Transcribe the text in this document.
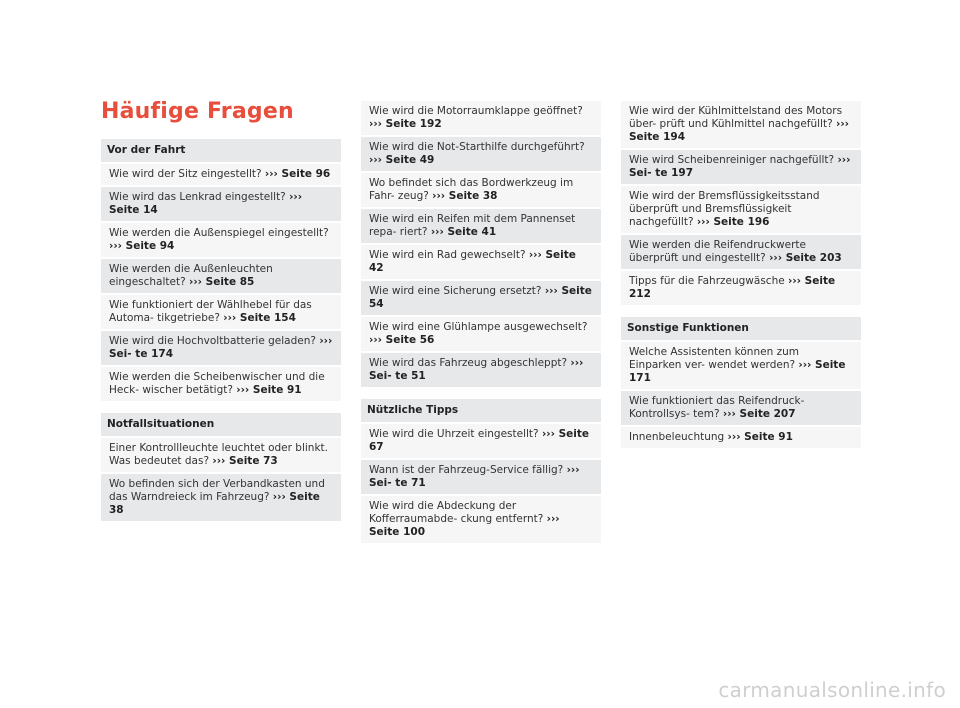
Häufige Fragen
Vor der Fahrt
Wie wird der Sitz eingestellt? ››› Seite 96
Wie wird das Lenkrad eingestellt? ››› Seite 14
Wie werden die Außenspiegel eingestellt? ››› Seite 94
Wie werden die Außenleuchten eingeschaltet? ››› Seite 85
Wie funktioniert der Wählhebel für das Automa- tikgetriebe? ››› Seite 154
Wie wird die Hochvoltbatterie geladen? ››› Sei- te 174
Wie werden die Scheibenwischer und die Heck- wischer betätigt? ››› Seite 91
Notfallsituationen
Einer Kontrollleuchte leuchtet oder blinkt. Was bedeutet das? ››› Seite 73
Wo befinden sich der Verbandkasten und das Warndreieck im Fahrzeug? ››› Seite 38
Wie wird die Motorraumklappe geöffnet? ››› Seite 192
Wie wird die Not-Starthilfe durchgeführt? ››› Seite 49
Wo befindet sich das Bordwerkzeug im Fahr- zeug? ››› Seite 38
Wie wird ein Reifen mit dem Pannenset repa- riert? ››› Seite 41
Wie wird ein Rad gewechselt? ››› Seite 42
Wie wird eine Sicherung ersetzt? ››› Seite 54
Wie wird eine Glühlampe ausgewechselt? ››› Seite 56
Wie wird das Fahrzeug abgeschleppt? ››› Sei- te 51
Nützliche Tipps
Wie wird die Uhrzeit eingestellt? ››› Seite 67
Wann ist der Fahrzeug-Service fällig? ››› Sei- te 71
Wie wird die Abdeckung der Kofferraumabde- ckung entfernt? ››› Seite 100
Wie wird der Kühlmittelstand des Motors über- prüft und Kühlmittel nachgefüllt? ››› Seite 194
Wie wird Scheibenreiniger nachgefüllt? ››› Sei- te 197
Wie wird der Bremsflüssigkeitsstand überprüft und Bremsflüssigkeit nachgefüllt? ››› Seite 196
Wie werden die Reifendruckwerte überprüft und eingestellt? ››› Seite 203
Tipps für die Fahrzeugwäsche ››› Seite 212
Sonstige Funktionen
Welche Assistenten können zum Einparken ver- wendet werden? ››› Seite 171
Wie funktioniert das Reifendruck-Kontrollsys- tem? ››› Seite 207
Innenbeleuchtung ››› Seite 91
carmanualsonline.info
